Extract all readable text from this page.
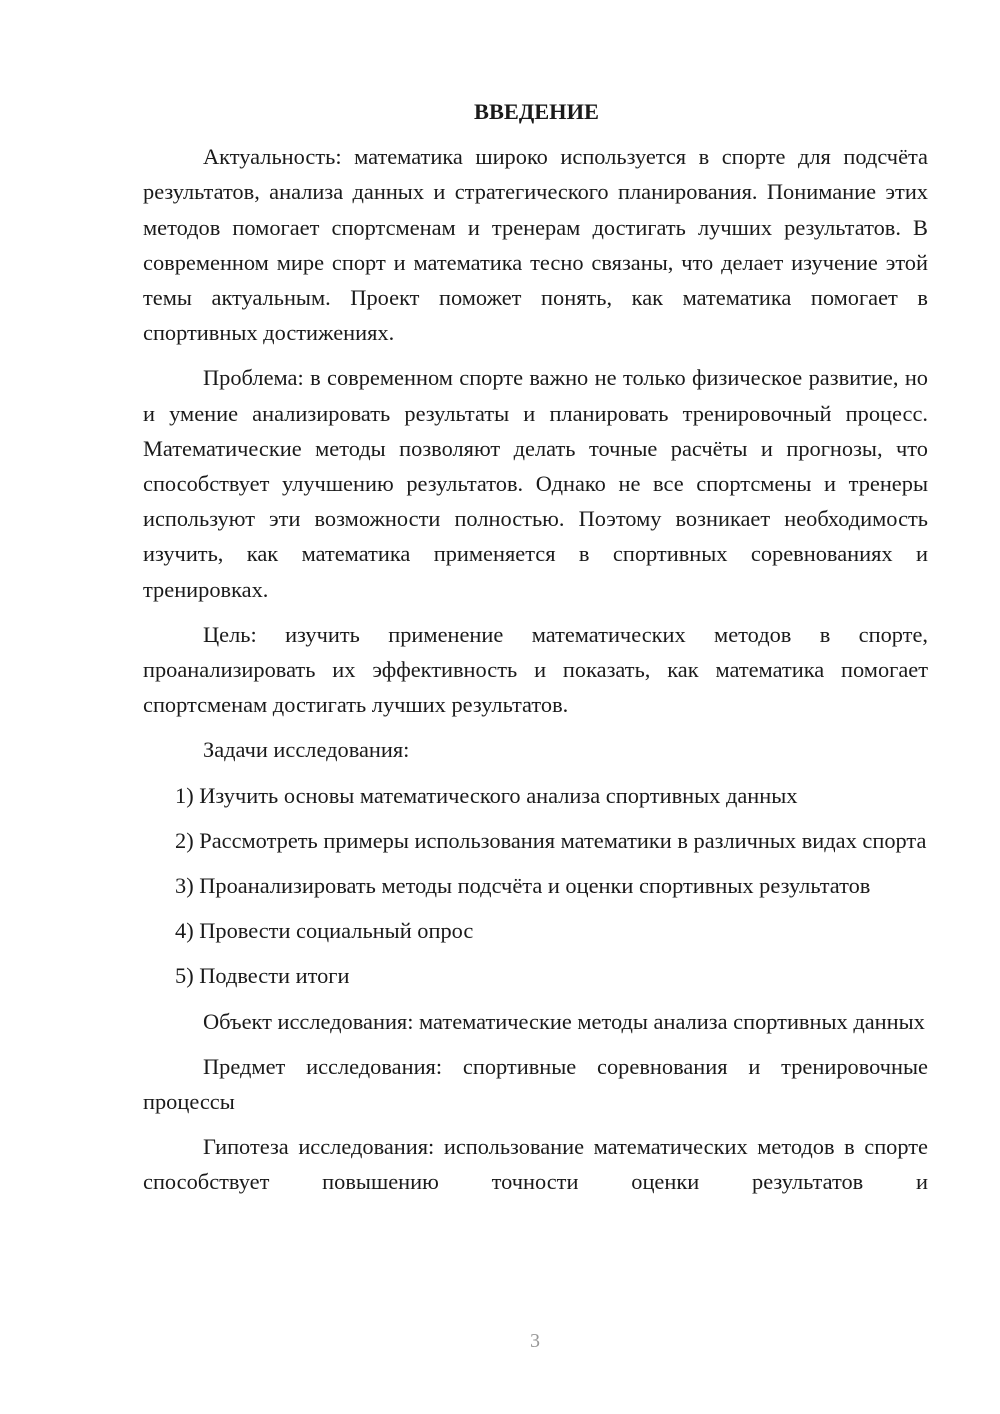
ВВЕДЕНИЕ

Актуальность: математика широко используется в спорте для подсчёта результатов, анализа данных и стратегического планирования. Понимание этих методов помогает спортсменам и тренерам достигать лучших результатов. В современном мире спорт и математика тесно связаны, что делает изучение этой темы актуальным. Проект поможет понять, как математика помогает в спортивных достижениях.

Проблема: в современном спорте важно не только физическое развитие, но и умение анализировать результаты и планировать тренировочный процесс. Математические методы позволяют делать точные расчёты и прогнозы, что способствует улучшению результатов. Однако не все спортсмены и тренеры используют эти возможности полностью. Поэтому возникает необходимость изучить, как математика применяется в спортивных соревнованиях и тренировках.

Цель: изучить применение математических методов в спорте, проанализировать их эффективность и показать, как математика помогает спортсменам достигать лучших результатов.

Задачи исследования:

1) Изучить основы математического анализа спортивных данных

2) Рассмотреть примеры использования математики в различных видах спорта

3) Проанализировать методы подсчёта и оценки спортивных результатов

4) Провести социальный опрос

5) Подвести итоги

Объект исследования: математические методы анализа спортивных данных

Предмет исследования: спортивные соревнования и тренировочные процессы

Гипотеза исследования: использование математических методов в спорте способствует повышению точности оценки результатов и

3
